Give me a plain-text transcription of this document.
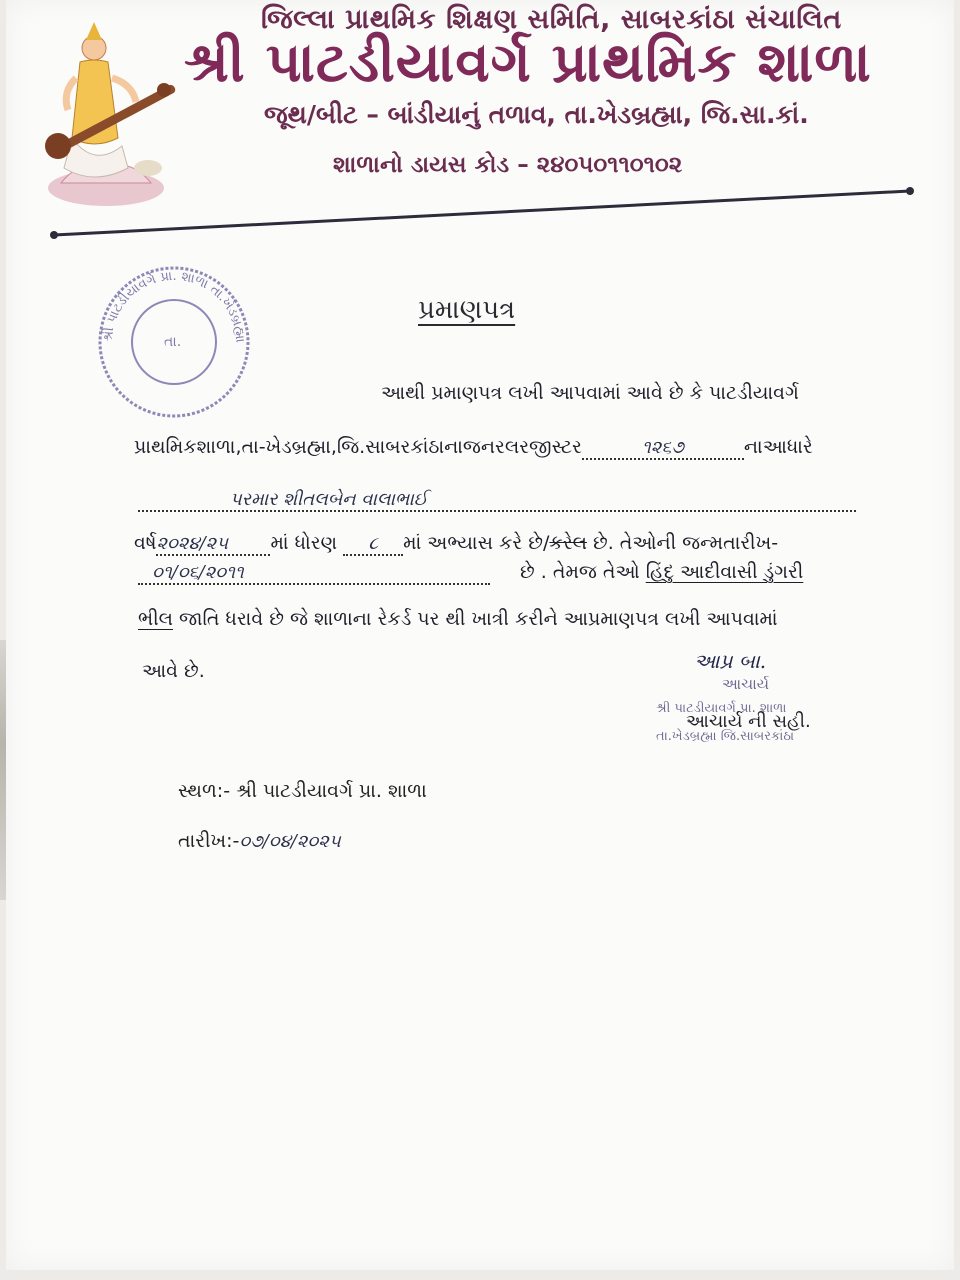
જિલ્લા પ્રાથમિક શિક્ષણ સમિતિ, સાબરકાંઠા સંચાલિત
શ્રી પાટડીયાવર્ગ પ્રાથમિક શાળા
જૂથ/બીટ – બાંડીયાનું તળાવ, તા.ખેડબ્રહ્મા, જિ.સા.કાં.
શાળાનો ડાયસ કોડ – ૨૪૦૫૦૧૧૦૧૦૨
શ્રી પાટડીયાવર્ગ પ્રા. શાળા તા.ખેડબ્રહ્મા
તા.
પ્રમાણપત્ર
આથી પ્રમાણપત્ર લખી આપવામાં આવે છે કે પાટડીયાવર્ગ
પ્રાથમિકશાળા,તા-ખેડબ્રહ્મા,જિ.સાબરકાંઠાનાજનરલરજીસ્ટર	૧૨૬૭	નાઆધારે
પરમાર શીતલબેન વાલાભાઈ
વર્ષ૨૦૨૪/૨૫ માં ધોરણ ૮ માં અભ્યાસ કરે છે/કરેલ છે. તેઓની જન્મતારીખ-
૦૧/૦૬/૨૦૧૧	છે . તેમજ તેઓ હિંદુ આદીવાસી ડુંગરી
ભીલ જાતિ ધરાવે છે જે શાળાના રેકર્ડ પર થી ખાત્રી કરીને આપ્રમાણપત્ર લખી આપવામાં
આવે છે.	આપ્ર બા.
આચાર્ય
શ્રી પાટડીયાવર્ગ પ્રા. શાળા
તા.ખેડબ્રહ્મા જિ.સાબરકાંઠા
આચાર્ય ની સહી.
સ્થળ:- શ્રી પાટડીયાવર્ગ પ્રા. શાળા
તારીખ:-૦૭/૦૪/૨૦૨૫
